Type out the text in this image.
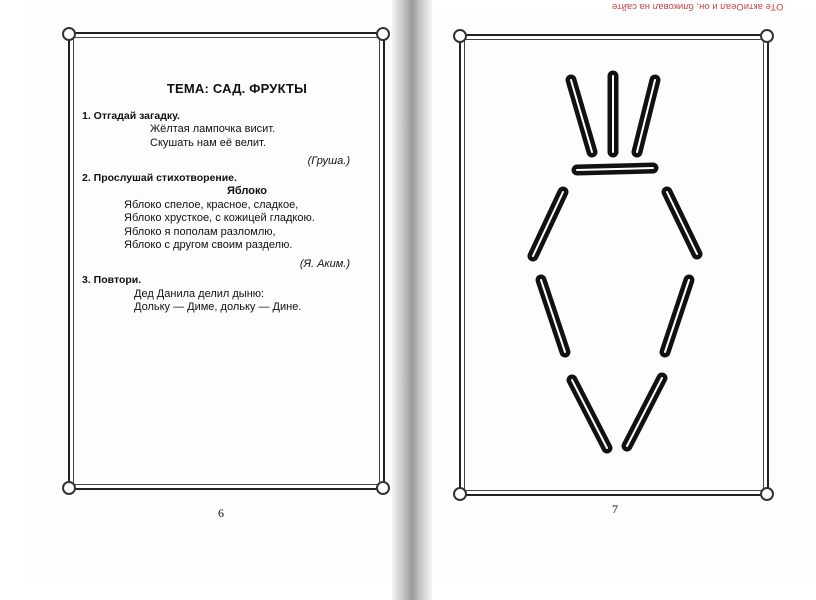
ОТе aктиОеал и он, бликовал на сайте
ТЕМА: САД. ФРУКТЫ
1. Отгадай загадку.
Жёлтая лампочка висит.
Скушать нам её велит.
(Груша.)
2. Прослушай стихотворение.
Яблоко
Яблоко спелое, красное, сладкое,
Яблоко хрусткое, с кожицей гладкою.
Яблоко я пополам разломлю,
Яблоко с другом своим разделю.
(Я. Аким.)
3. Повтори.
Дед Данила делил дыню:
Дольку — Диме, дольку — Дине.
6	7
